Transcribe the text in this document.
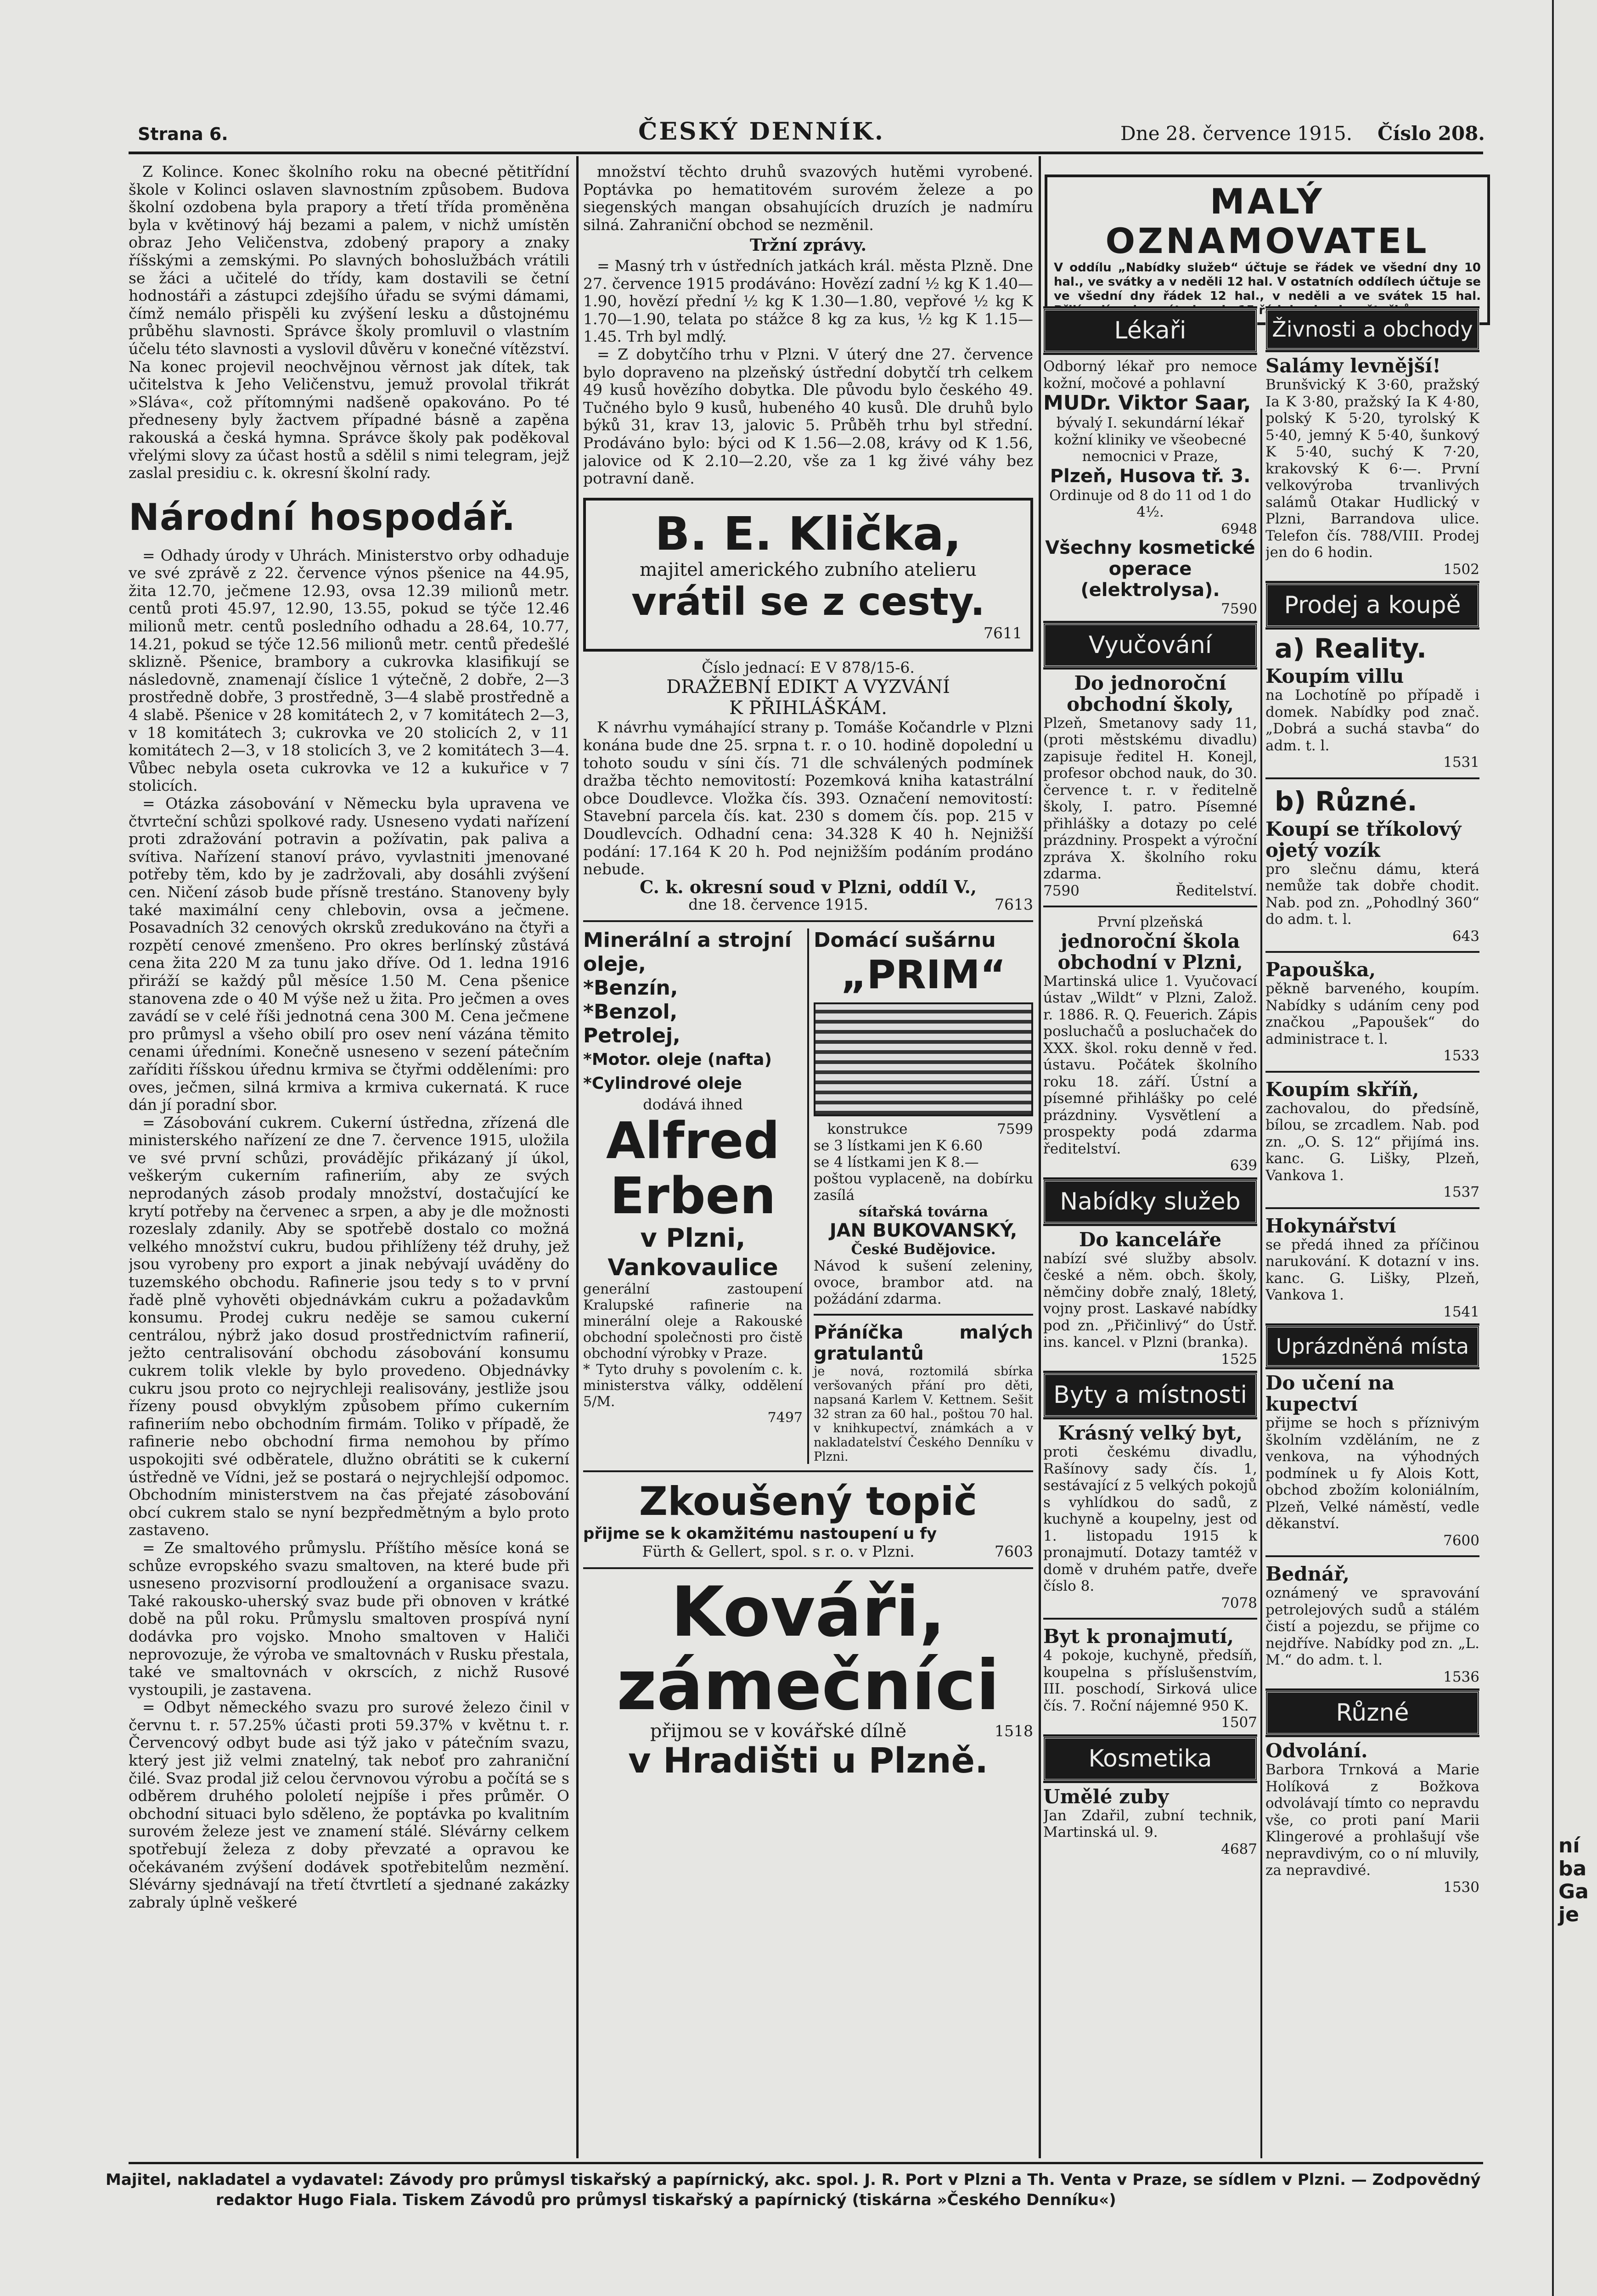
Strana 6.	ČESKÝ DENNÍK.	Dne 28. července 1915. Číslo 208.

Z Kolince. Konec školního roku na obecné pětitřídní škole v Kolinci oslaven slavnostním způsobem. Budova školní ozdobena byla prapory a třetí třída proměněna byla v květinový háj bezami a palem, v nichž umístěn obraz Jeho Veličenstva, zdobený prapory a znaky říšskými a zemskými. Po slavných bohoslužbách vrátili se žáci a učitelé do třídy, kam dostavili se četní hodnostáři a zástupci zdejšího úřadu se svými dámami, čímž nemálo přispěli ku zvýšení lesku a důstojnému průběhu slavnosti. Správce školy promluvil o vlastním účelu této slavnosti a vyslovil důvěru v konečné vítězství. Na konec projevil neochvějnou věrnost jak dítek, tak učitelstva k Jeho Veličenstvu, jemuž provolal třikrát »Sláva«, což přítomnými nadšeně opakováno. Po té předneseny byly žactvem případné básně a zapěna rakouská a česká hymna. Správce školy pak poděkoval vřelými slovy za účast hostů a sdělil s nimi telegram, jejž zaslal presidiu c. k. okresní školní rady.

Národní hospodář.

= Odhady úrody v Uhrách. Ministerstvo orby odhaduje ve své zprávě z 22. července výnos pšenice na 44.95, žita 12.70, ječmene 12.93, ovsa 12.39 milionů metr. centů proti 45.97, 12.90, 13.55, pokud se týče 12.46 milionů metr. centů posledního odhadu a 28.64, 10.77, 14.21, pokud se týče 12.56 milionů metr. centů předešlé sklizně. Pšenice, brambory a cukrovka klasifikují se následovně, znamenají číslice 1 výtečně, 2 dobře, 2—3 prostředně dobře, 3 prostředně, 3—4 slabě prostředně a 4 slabě. Pšenice v 28 komitátech 2, v 7 komitátech 2—3, v 18 komitátech 3; cukrovka ve 20 stolicích 2, v 11 komitátech 2—3, v 18 stolicích 3, ve 2 komitátech 3—4. Vůbec nebyla oseta cukrovka ve 12 a kukuřice v 7 stolicích.

= Otázka zásobování v Německu byla upravena ve čtvrteční schůzi spolkové rady. Usneseno vydati nařízení proti zdražování potravin a požívatin, pak paliva a svítiva. Nařízení stanoví právo, vyvlastniti jmenované potřeby těm, kdo by je zadržovali, aby dosáhli zvýšení cen. Ničení zásob bude přísně trestáno. Stanoveny byly také maximální ceny chlebovin, ovsa a ječmene. Posavadních 32 cenových okrsků zredukováno na čtyři a rozpětí cenové zmenšeno. Pro okres berlínský zůstává cena žita 220 M za tunu jako dříve. Od 1. ledna 1916 přiráží se každý půl měsíce 1.50 M. Cena pšenice stanovena zde o 40 M výše než u žita. Pro ječmen a oves zavádí se v celé říši jednotná cena 300 M. Cena ječmene pro průmysl a všeho obilí pro osev není vázána těmito cenami úředními. Konečně usneseno v sezení pátečním zaříditi říšskou úřednu krmiva se čtyřmi odděleními: pro oves, ječmen, silná krmiva a krmiva cukernatá. K ruce dán jí poradní sbor.

= Zásobování cukrem. Cukerní ústředna, zřízená dle ministerského nařízení ze dne 7. července 1915, uložila ve své první schůzi, provádějíc přikázaný jí úkol, veškerým cukerním rafineriím, aby ze svých neprodaných zásob prodaly množství, dostačující ke krytí potřeby na červenec a srpen, a aby je dle možnosti rozeslaly zdanily. Aby se spotřebě dostalo co možná velkého množství cukru, budou přihlíženy též druhy, jež jsou vyrobeny pro export a jinak nebývají uváděny do tuzemského obchodu. Rafinerie jsou tedy s to v první řadě plně vyhověti objednávkám cukru a požadavkům konsumu. Prodej cukru neděje se samou cukerní centrálou, nýbrž jako dosud prostřednictvím rafinerií, ježto centralisování obchodu zásobování konsumu cukrem tolik vlekle by bylo provedeno. Objednávky cukru jsou proto co nejrychleji realisovány, jestliže jsou řízeny pousd obvyklým způsobem přímo cukerním rafineriím nebo obchodním firmám. Toliko v případě, že rafinerie nebo obchodní firma nemohou by přímo uspokojiti své odběratele, dlužno obrátiti se k cukerní ústředně ve Vídni, jež se postará o nejrychlejší odpomoc. Obchodním ministerstvem na čas přejaté zásobování obcí cukrem stalo se nyní bezpředmětným a bylo proto zastaveno.

= Ze smaltového průmyslu. Příštího měsíce koná se schůze evropského svazu smaltoven, na které bude při usneseno prozvisorní prodloužení a organisace svazu. Také rakousko-uherský svaz bude při obnoven v krátké době na půl roku. Průmyslu smaltoven prospívá nyní dodávka pro vojsko. Mnoho smaltoven v Haliči neprovozuje, že výroba ve smaltovnách v Rusku přestala, také ve smaltovnách v okrscích, z nichž Rusové vystoupili, je zastavena.

= Odbyt německého svazu pro surové železo činil v červnu t. r. 57.25% účasti proti 59.37% v květnu t. r. Červencový odbyt bude asi týž jako v pátečním svazu, který jest již velmi znatelný, tak neboť pro zahraniční čilé. Svaz prodal již celou červnovou výrobu a počítá se s odběrem druhého pololetí nejpíše i přes průměr. O obchodní situaci bylo sděleno, že poptávka po kvalitním surovém železe jest ve znamení stálé. Slévárny celkem spotřebují železa z doby převzaté a opravou ke očekávaném zvýšení dodávek spotřebitelům nezmění. Slévárny sjednávají na třetí čtvrtletí a sjednané zakázky zabraly úplně veškeré

množství těchto druhů svazových hutěmi vyrobené. Poptávka po hematitovém surovém železe a po siegenských mangan obsahujících druzích je nadmíru silná. Zahraniční obchod se nezměnil.

Tržní zprávy.

= Masný trh v ústředních jatkách král. města Plzně. Dne 27. července 1915 prodáváno: Hovězí zadní ½ kg K 1.40—1.90, hovězí přední ½ kg K 1.30—1.80, vepřové ½ kg K 1.70—1.90, telata po stážce 8 kg za kus, ½ kg K 1.15—1.45. Trh byl mdlý.

= Z dobytčího trhu v Plzni. V úterý dne 27. července bylo dopraveno na plzeňský ústřední dobytčí trh celkem 49 kusů hovězího dobytka. Dle původu bylo českého 49. Tučného bylo 9 kusů, hubeného 40 kusů. Dle druhů bylo býků 31, krav 13, jalovic 5. Průběh trhu byl střední. Prodáváno bylo: býci od K 1.56—2.08, krávy od K 1.56, jalovice od K 2.10—2.20, vše za 1 kg živé váhy bez potravní daně.

B. E. Klička,
majitel amerického zubního atelieru
vrátil se z cesty.
7611
Číslo jednací: E V 878/15-6.
DRAŽEBNÍ EDIKT A VYZVÁNÍ
K PŘIHLÁŠKÁM.

K návrhu vymáhající strany p. Tomáše Kočandrle v Plzni konána bude dne 25. srpna t. r. o 10. hodině dopolední u tohoto soudu v síni čís. 71 dle schválených podmínek dražba těchto nemovitostí: Pozemková kniha katastrální obce Doudlevce. Vložka čís. 393. Označení nemovitostí: Stavební parcela čís. kat. 230 s domem čís. pop. 215 v Doudlevcích. Odhadní cena: 34.328 K 40 h. Nejnižší podání: 17.164 K 20 h. Pod nejnižším podáním prodáno nebude.

C. k. okresní soud v Plzni, oddíl V.,
dne 18. července 1915.	7613
Minerální a strojní
oleje,
*Benzín,
*Benzol,
Petrolej,
*Motor. oleje (nafta)
*Cylindrové oleje
dodává ihned
Alfred
Erben
v Plzni,
Vankovaulice

generální zastoupení Kralupské rafinerie na minerální oleje a Rakouské obchodní společnosti pro čistě obchodní výrobky v Praze.

* Tyto druhy s povolením c. k. ministerstva války, oddělení 5/M.

7497
Domácí sušárnu
„PRIM“
konstrukce	7599
se 3 lístkami jen K 6.60
se 4 lístkami jen K 8.—
poštou vyplaceně, na dobírku zasílá
sítařská továrna
JAN BUKOVANSKÝ,
České Budějovice.
Návod k sušení zeleniny, ovoce, brambor atd. na požádání zdarma.
Přáníčka malých gratulantů
je nová, roztomilá sbírka veršovaných přání pro děti, napsaná Karlem V. Kettnem. Sešit 32 stran za 60 hal., poštou 70 hal. v knihkupectví, známkách a v nakladatelství Českého Denníku v Plzni.
Zkoušený topič
přijme se k okamžitému nastoupení u fy
Fürth & Gellert, spol. s r. o. v Plzni.	7603
Kováři,
zámečníci
přijmou se v kovářské dílně	1518
v Hradišti u Plzně.
MALÝ OZNAMOVATEL
V oddílu „Nabídky služeb“ účtuje se řádek ve všední dny 10 hal., ve svátky a v neděli 12 hal. V ostatních oddílech účtuje se ve všední dny řádek 12 hal., v neděli a ve svátek 15 hal.
Lékaři
Odborný lékař pro nemoce kožní, močové a pohlavní
MUDr. Viktor Saar,
bývalý I. sekundární lékař kožní kliniky ve všeobecné nemocnici v Praze,
Plzeň, Husova tř. 3.
Ordinuje od 8 do 11 od 1 do 4½.
6948
Všechny kosmetické operace (elektrolysa).
7590
Vyučování
Do jednoroční obchodní školy,
Plzeň, Smetanovy sady 11, (proti městskému divadlu) zapisuje ředitel H. Konejl, profesor obchod nauk, do 30. července t. r. v ředitelně školy, I. patro. Písemné přihlášky a dotazy po celé prázdniny. Prospekt a výroční zpráva X. školního roku zdarma.
7590	Ředitelství.
První plzeňská
jednoroční škola obchodní v Plzni,
Martinská ulice 1. Vyučovací ústav „Wildt“ v Plzni, Založ. r. 1886. R. Q. Feuerich. Zápis posluchačů a posluchaček do XXX. škol. roku denně v řed. ústavu. Počátek školního roku 18. září. Ústní a písemné přihlášky po celé prázdniny. Vysvětlení a prospekty podá zdarma ředitelství.
639
Nabídky služeb
Do kanceláře
nabízí své služby absolv. české a něm. obch. školy, němčiny dobře znalý, 18letý, vojny prost. Laskavé nabídky pod zn. „Přičinlivý“ do Ústř. ins. kancel. v Plzni (branka).
1525
Byty a místnosti
Krásný velký byt,
proti českému divadlu, Rašínovy sady čís. 1, sestávající z 5 velkých pokojů s vyhlídkou do sadů, z kuchyně a koupelny, jest od 1. listopadu 1915 k pronajmutí. Dotazy tamtéž v domě v druhém patře, dveře číslo 8.
7078
Byt k pronajmutí,
4 pokoje, kuchyně, předsíň, koupelna s příslušenstvím, III. poschodí, Sirková ulice čís. 7. Roční nájemné 950 K.
1507
Kosmetika
Umělé zuby
Jan Zdařil, zubní technik, Martinská ul. 9.
4687
Živnosti a obchody
Salámy levnější!
Brunšvický K 3·60, pražský Ia K 3·80, pražský Ia K 4·80, polský K 5·20, tyrolský K 5·40, jemný K 5·40, šunkový K 5·40, suchý K 7·20, krakovský K 6·—. První velkovýroba trvanlivých salámů Otakar Hudlický v Plzni, Barrandova ulice. Telefon čís. 788/VIII. Prodej jen do 6 hodin.
1502
Prodej a koupě
a) Reality.
Koupím villu
na Lochotíně po případě i domek. Nabídky pod znač. „Dobrá a suchá stavba“ do adm. t. l.
1531
b) Různé.
Koupí se tříkolový ojetý vozík
pro slečnu dámu, která nemůže tak dobře chodit. Nab. pod zn. „Pohodlný 360“ do adm. t. l.
643
Papouška,
pěkně barveného, koupím. Nabídky s udáním ceny pod značkou „Papoušek“ do administrace t. l.
1533
Koupím skříň,
zachovalou, do předsíně, bílou, se zrcadlem. Nab. pod zn. „O. S. 12“ přijímá ins. kanc. G. Lišky, Plzeň, Vankova 1.
1537
Hokynářství
se předá ihned za příčinou narukování. K dotazní v ins. kanc. G. Lišky, Plzeň, Vankova 1.
1541
Uprázdněná místa
Do učení na kupectví
přijme se hoch s příznivým školním vzděláním, ne z venkova, na výhodných podmínek u fy Alois Kott, obchod zbožím koloniálním, Plzeň, Velké náměstí, vedle děkanství.
7600
Bednář,
oznámený ve spravování petrolejových sudů a stálém čistí a pojezdu, se přijme co nejdříve. Nabídky pod zn. „L. M.“ do adm. t. l.
1536
Různé
Odvolání.
Barbora Trnková a Marie Holíková z Božkova odvolávají tímto co nepravdu vše, co proti paní Marii Klingerové a prohlašují vše nepravdivým, co o ní mluvily, za nepravdivé.
1530
Majitel, nakladatel a vydavatel: Závody pro průmysl tiskařský a papírnický, akc. spol. J. R. Port v Plzni a Th. Venta v Praze, se sídlem v Plzni. — Zodpovědný
redaktor Hugo Fiala. Tiskem Závodů pro průmysl tiskařský a papírnický (tiskárna »Českého Denníku«)
ní
ba
Ga
je
